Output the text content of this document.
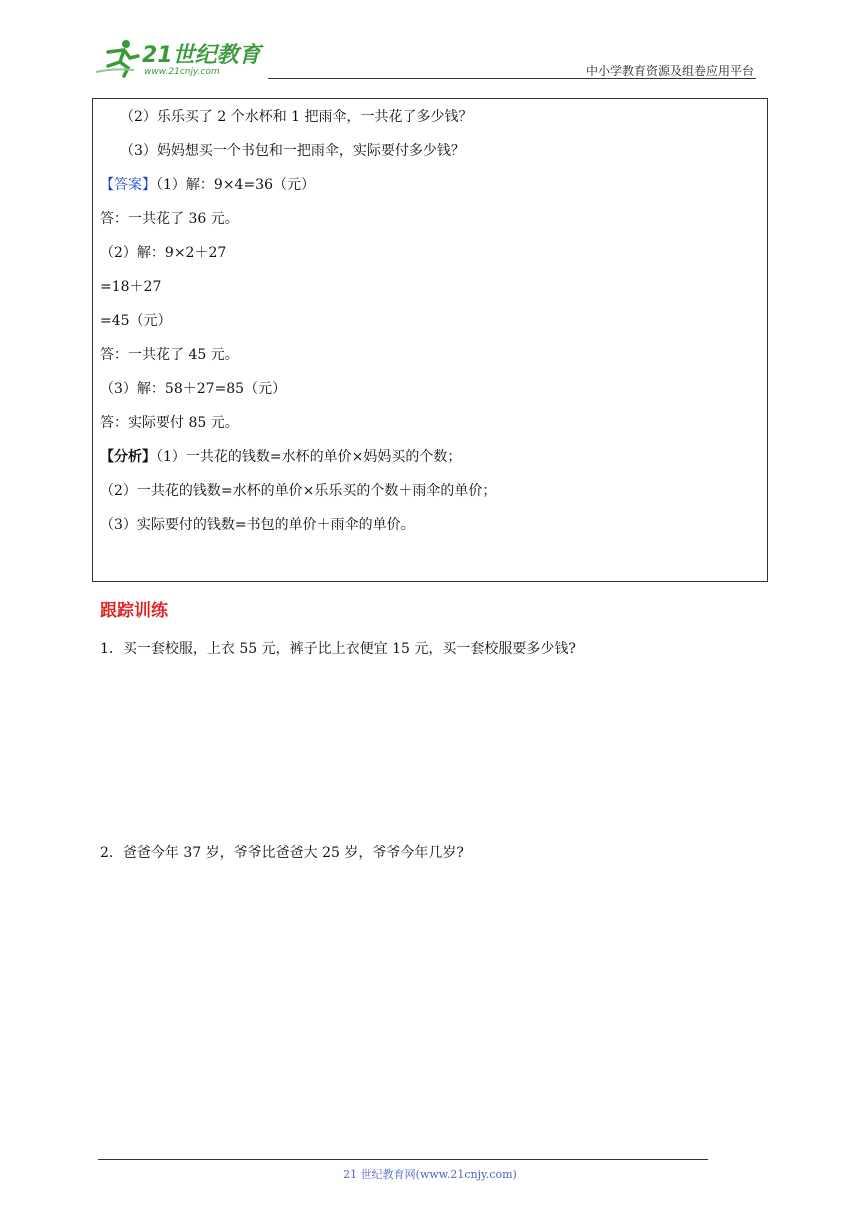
21世纪教育
www.21cnjy.com	中小学教育资源及组卷应用平台
（2）乐乐买了 2 个水杯和 1 把雨伞，一共花了多少钱？
（3）妈妈想买一个书包和一把雨伞，实际要付多少钱？
【答案】（1）解：9×4=36（元）
答：一共花了 36 元。
（2）解：9×2＋27
=18＋27
=45（元）
答：一共花了 45 元。
（3）解：58＋27=85（元）
答：实际要付 85 元。
【分析】（1）一共花的钱数=水杯的单价×妈妈买的个数；
（2）一共花的钱数=水杯的单价×乐乐买的个数＋雨伞的单价；
（3）实际要付的钱数=书包的单价＋雨伞的单价。
跟踪训练
1．买一套校服，上衣 55 元，裤子比上衣便宜 15 元，买一套校服要多少钱?
2．爸爸今年 37 岁，爷爷比爸爸大 25 岁，爷爷今年几岁?
21 世纪教育网(www.21cnjy.com)
